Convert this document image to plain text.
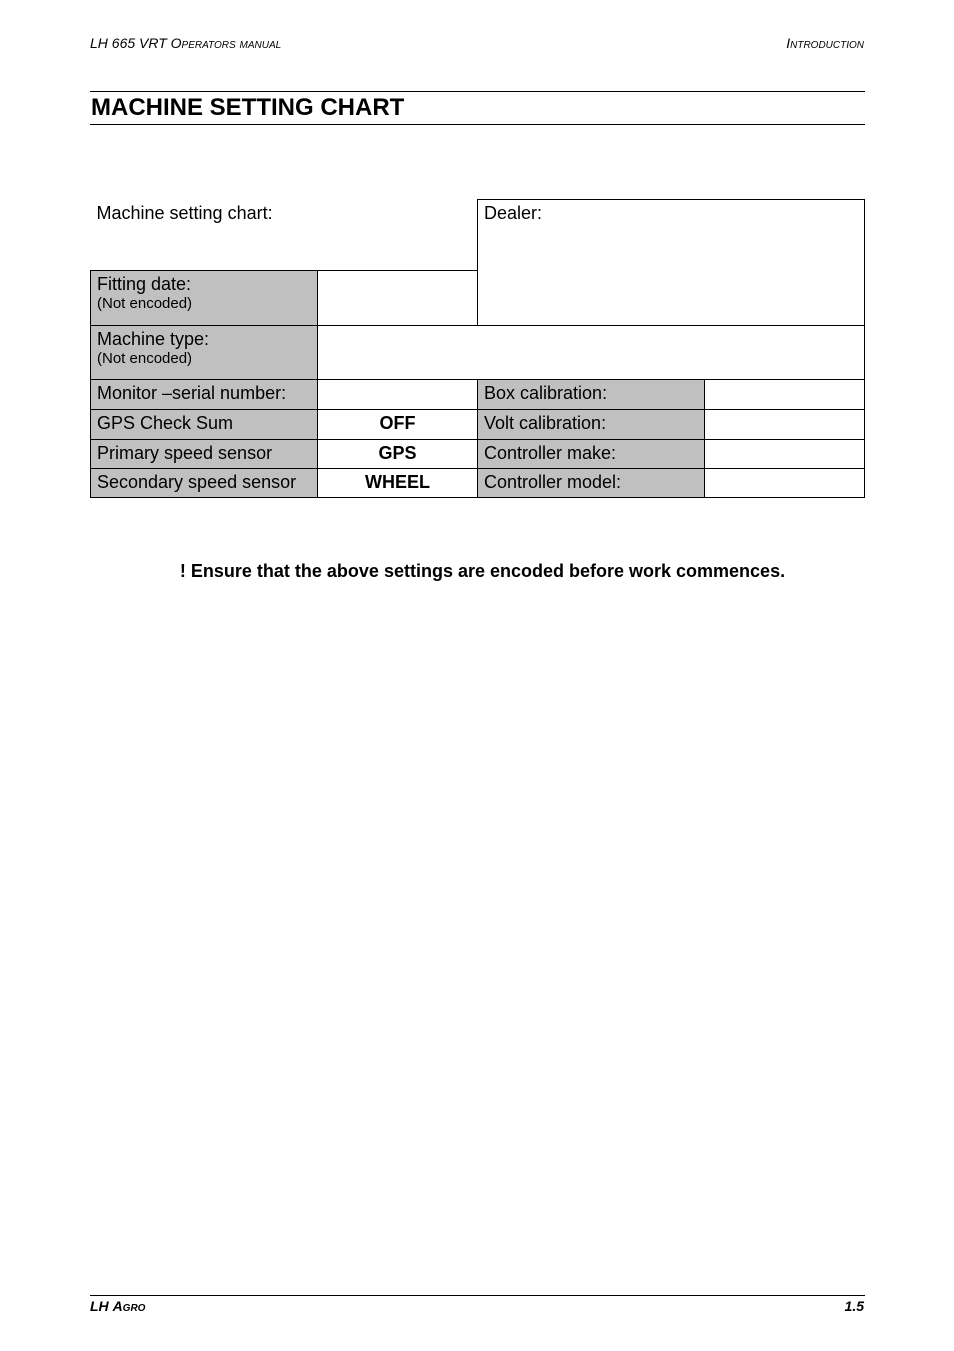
LH 665 VRT Operators manual	Introduction
MACHINE SETTING CHART
Machine setting chart:		Dealer:	

Fitting date:
(Not encoded)			

Machine type:
(Not encoded)			

Monitor –serial number:		Box calibration:	
GPS Check Sum	OFF	Volt calibration:	
Primary speed sensor	GPS	Controller make:	
Secondary speed sensor	WHEEL	Controller model:	
! Ensure that the above settings are encoded before work commences.
LH Agro	1.5
